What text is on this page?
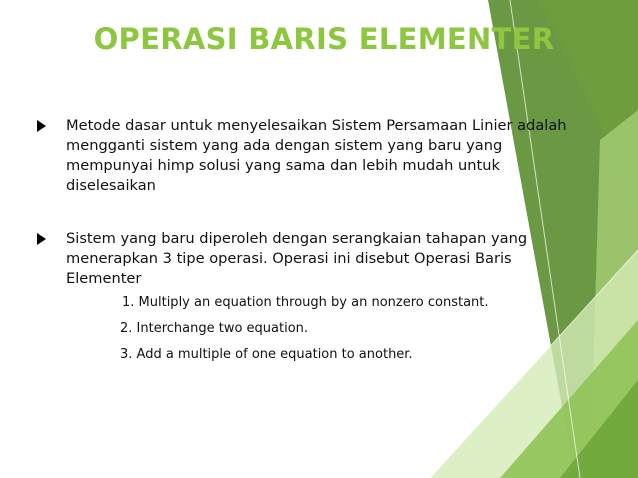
OPERASI BARIS ELEMENTER
Metode dasar untuk menyelesaikan Sistem Persamaan Linier adalah mengganti sistem yang ada dengan sistem yang baru yang mempunyai himp solusi yang sama dan lebih mudah untuk diselesaikan
Sistem yang baru diperoleh dengan serangkaian tahapan yang menerapkan 3 tipe operasi. Operasi ini disebut Operasi Baris Elementer
1. Multiply an equation through by an nonzero constant.
2. Interchange two equation.
3. Add a multiple of one equation to another.
